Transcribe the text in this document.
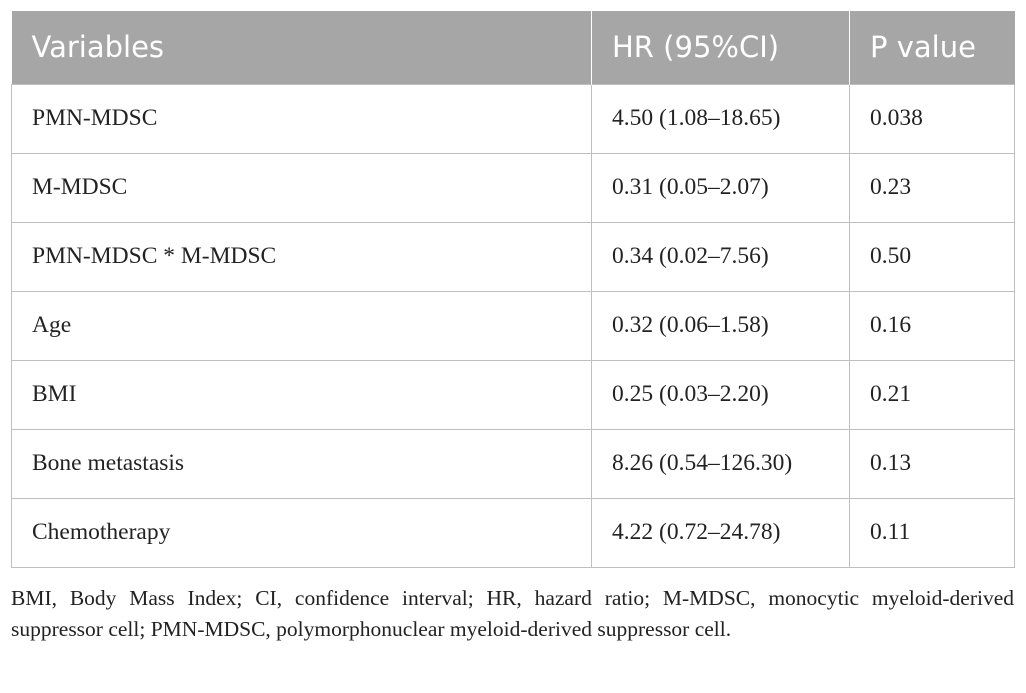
Variables	HR (95%CI)	P value
PMN-MDSC	4.50 (1.08–18.65)	0.038
M-MDSC	0.31 (0.05–2.07)	0.23
PMN-MDSC * M-MDSC	0.34 (0.02–7.56)	0.50
Age	0.32 (0.06–1.58)	0.16
BMI	0.25 (0.03–2.20)	0.21
Bone metastasis	8.26 (0.54–126.30)	0.13
Chemotherapy	4.22 (0.72–24.78)	0.11

BMI, Body Mass Index; CI, confidence interval; HR, hazard ratio; M-MDSC, monocytic myeloid-derived suppressor cell; PMN-MDSC, polymorphonuclear myeloid-derived suppressor cell.
